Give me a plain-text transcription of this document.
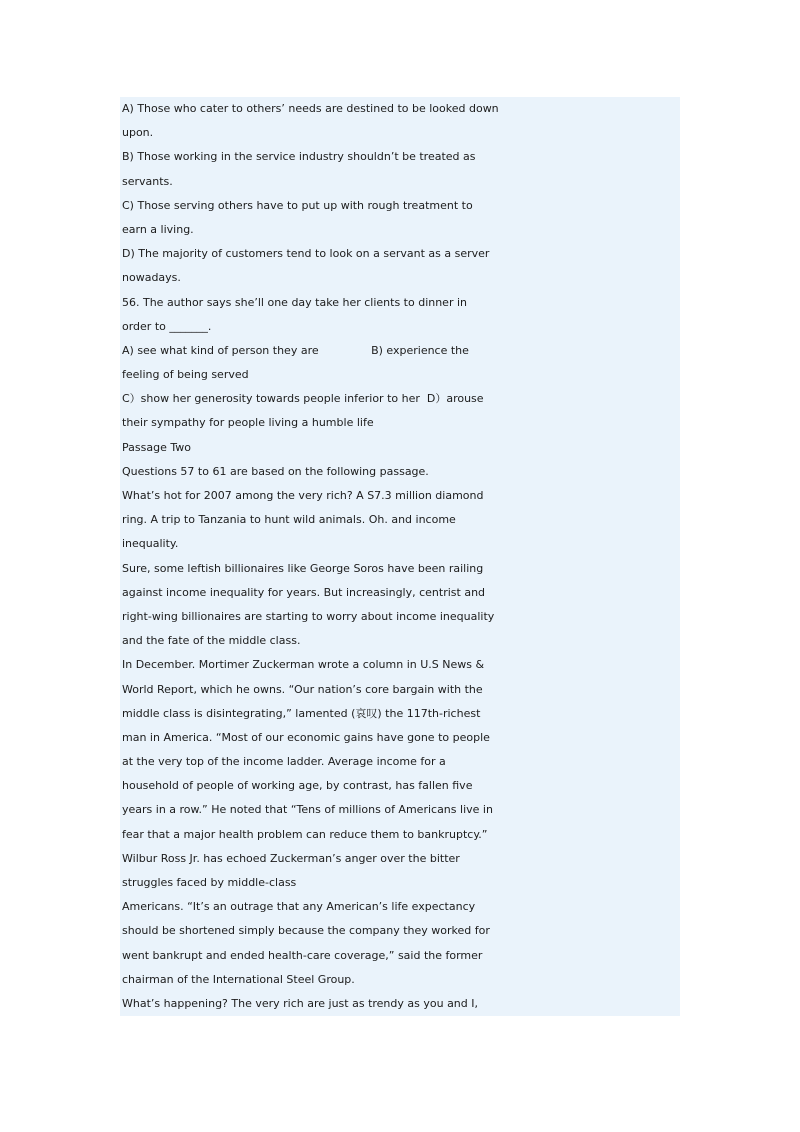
A) Those who cater to others’ needs are destined to be looked down
upon.
B) Those working in the service industry shouldn’t be treated as
servants.
C) Those serving others have to put up with rough treatment to
earn a living.
D) The majority of customers tend to look on a servant as a server
nowadays.
56. The author says she’ll one day take her clients to dinner in
order to _______.
A) see what kind of person they are               B) experience the
feeling of being served
C）show her generosity towards people inferior to her  D）arouse
their sympathy for people living a humble life
Passage Two
Questions 57 to 61 are based on the following passage.
What’s hot for 2007 among the very rich? A S7.3 million diamond
ring. A trip to Tanzania to hunt wild animals. Oh. and income
inequality.
Sure, some leftish billionaires like George Soros have been railing
against income inequality for years. But increasingly, centrist and
right-wing billionaires are starting to worry about income inequality
and the fate of the middle class.
In December. Mortimer Zuckerman wrote a column in U.S News &
World Report, which he owns. “Our nation’s core bargain with the
middle class is disintegrating,” lamented (哀叹) the 117th-richest
man in America. “Most of our economic gains have gone to people
at the very top of the income ladder. Average income for a
household of people of working age, by contrast, has fallen five
years in a row.” He noted that “Tens of millions of Americans live in
fear that a major health problem can reduce them to bankruptcy.”
Wilbur Ross Jr. has echoed Zuckerman’s anger over the bitter
struggles faced by middle-class
Americans. “It’s an outrage that any American’s life expectancy
should be shortened simply because the company they worked for
went bankrupt and ended health-care coverage,” said the former
chairman of the International Steel Group.
What’s happening? The very rich are just as trendy as you and I,
